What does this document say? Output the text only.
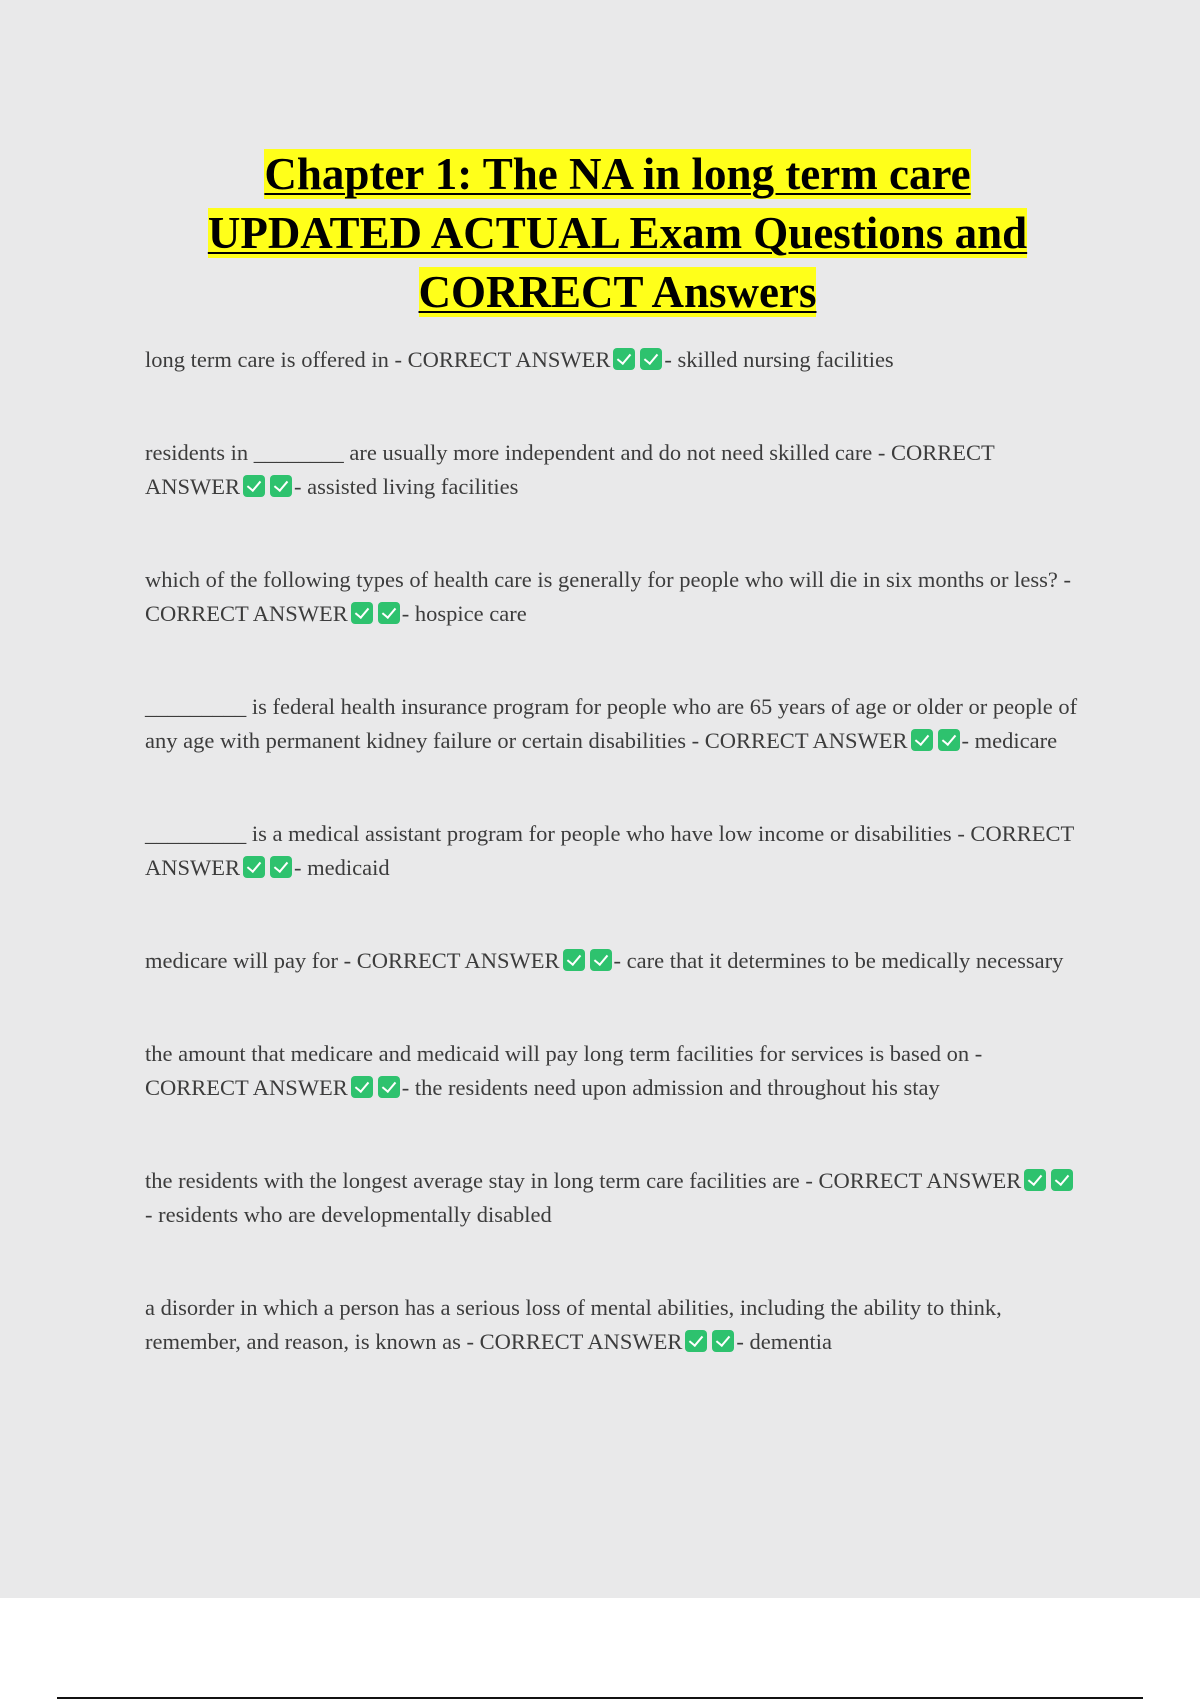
Chapter 1: The NA in long term care
UPDATED ACTUAL Exam Questions and
CORRECT Answers

long term care is offered in - CORRECT ANSWER - skilled nursing facilities

residents in ________ are usually more independent and do not need skilled care - CORRECT ANSWER - assisted living facilities

which of the following types of health care is generally for people who will die in six months or less? - CORRECT ANSWER - hospice care

_________ is federal health insurance program for people who are 65 years of age or older or people of any age with permanent kidney failure or certain disabilities - CORRECT ANSWER - medicare

_________ is a medical assistant program for people who have low income or disabilities - CORRECT ANSWER - medicaid

medicare will pay for - CORRECT ANSWER - care that it determines to be medically necessary

the amount that medicare and medicaid will pay long term facilities for services is based on - CORRECT ANSWER - the residents need upon admission and throughout his stay

the residents with the longest average stay in long term care facilities are - CORRECT ANSWER- residents who are developmentally disabled

a disorder in which a person has a serious loss of mental abilities, including the ability to think, remember, and reason, is known as - CORRECT ANSWER - dementia
